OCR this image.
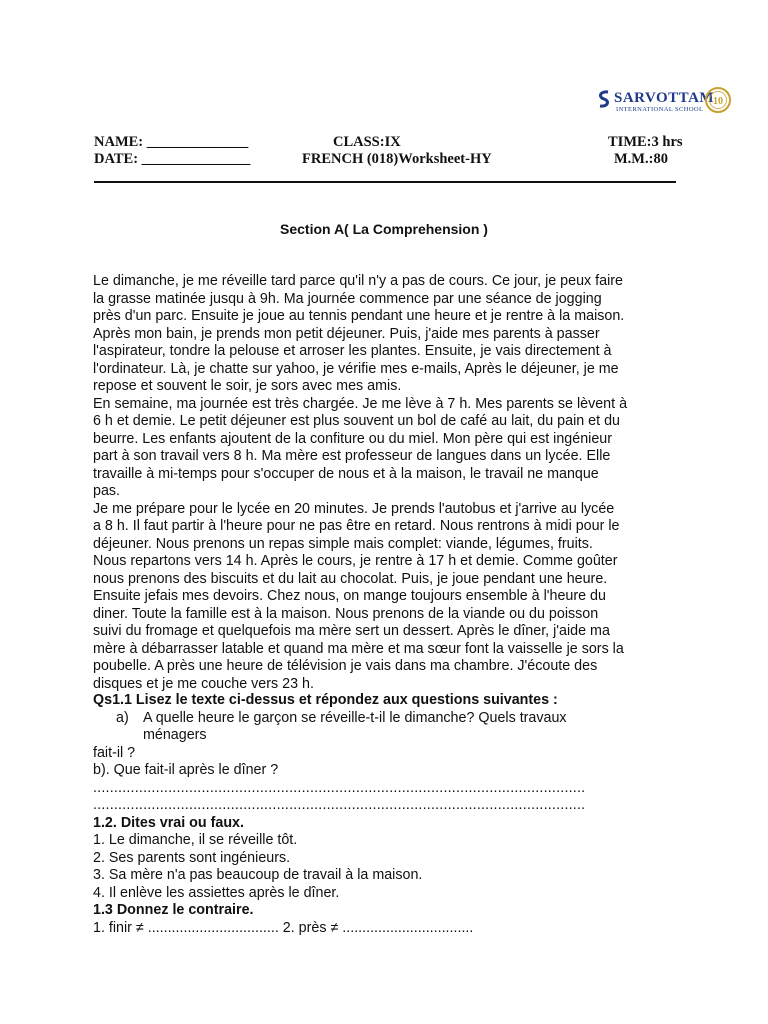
SARVOTTAM
INTERNATIONAL SCHOOL
10
NAME: ______________	CLASS:IX	TIME:3 hrs
DATE: _______________	FRENCH (018)Worksheet-HY	M.M.:80
Section A( La Comprehension )
Le dimanche, je me réveille tard parce qu'il n'y a pas de cours. Ce jour, je peux faire
la grasse matinée jusqu à 9h. Ma journée commence par une séance de jogging
près d'un parc. Ensuite je joue au tennis pendant une heure et je rentre à la maison.
Après mon bain, je prends mon petit déjeuner. Puis, j'aide mes parents à passer
l'aspirateur, tondre la pelouse et arroser les plantes. Ensuite, je vais directement à
l'ordinateur. Là, je chatte sur yahoo, je vérifie mes e-mails, Après le déjeuner, je me
repose et souvent le soir, je sors avec mes amis.
En semaine, ma journée est très chargée. Je me lève à 7 h. Mes parents se lèvent à
6 h et demie. Le petit déjeuner est plus souvent un bol de café au lait, du pain et du
beurre. Les enfants ajoutent de la confiture ou du miel. Mon père qui est ingénieur
part à son travail vers 8 h. Ma mère est professeur de langues dans un lycée. Elle
travaille à mi-temps pour s'occuper de nous et à la maison, le travail ne manque
pas.
Je me prépare pour le lycée en 20 minutes. Je prends l'autobus et j'arrive au lycée
a 8 h. Il faut partir à l'heure pour ne pas être en retard. Nous rentrons à midi pour le
déjeuner. Nous prenons un repas simple mais complet: viande, légumes, fruits.
Nous repartons vers 14 h. Après le cours, je rentre à 17 h et demie. Comme goûter
nous prenons des biscuits et du lait au chocolat. Puis, je joue pendant une heure.
Ensuite jefais mes devoirs. Chez nous, on mange toujours ensemble à l'heure du
diner. Toute la famille est à la maison. Nous prenons de la viande ou du poisson
suivi du fromage et quelquefois ma mère sert un dessert. Après le dîner, j'aide ma
mère à débarrasser latable et quand ma mère et ma sœur font la vaisselle je sors la
poubelle. A près une heure de télévision je vais dans ma chambre. J'écoute des
disques et je me couche vers 23 h.
Qs1.1 Lisez le texte ci-dessus et répondez aux questions suivantes :
a) A quelle heure le garçon se réveille-t-il le dimanche? Quels travaux
ménagers
fait-il ?
b). Que fait-il après le dîner ?
......................................................................................................................
......................................................................................................................
1.2. Dites vrai ou faux.
1. Le dimanche, il se réveille tôt.
2. Ses parents sont ingénieurs.
3. Sa mère n'a pas beaucoup de travail à la maison.
4. Il enlève les assiettes après le dîner.
1.3 Donnez le contraire.
1. finir ≠ ................................. 2. près ≠ .................................
